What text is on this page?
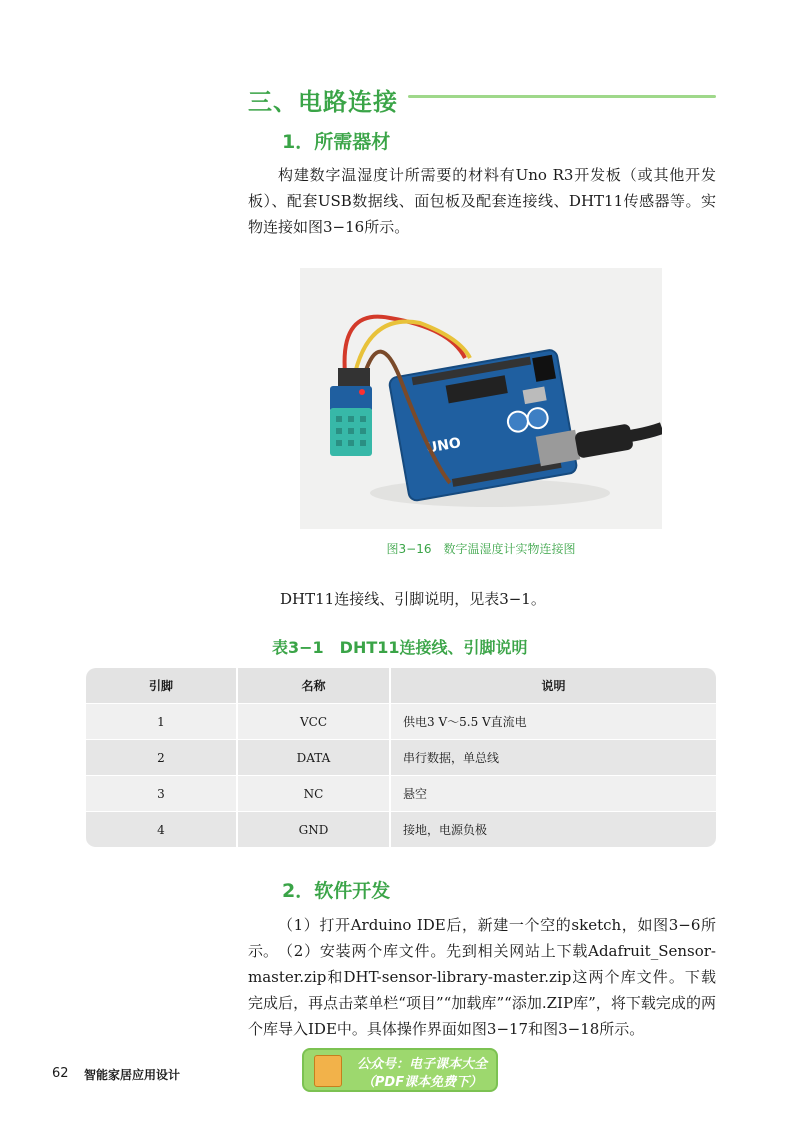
三、电路连接
1．所需器材
构建数字温湿度计所需要的材料有Uno R3开发板（或其他开发板）、配套USB数据线、面包板及配套连接线、DHT11传感器等。实物连接如图3−16所示。
UNO
图3−16　数字温湿度计实物连接图
DHT11连接线、引脚说明，见表3−1。
表3−1　DHT11连接线、引脚说明
引脚	名称	说明
1	VCC	供电3 V～5.5 V直流电
2	DATA	串行数据，单总线
3	NC	悬空
4	GND	接地，电源负极
2．软件开发
（1）打开Arduino IDE后，新建一个空的sketch，如图3−6所示。 （2）安装两个库文件。先到相关网站上下载Adafruit_Sensor-master.zip和DHT-sensor-library-master.zip这两个库文件。下载完成后，再点击菜单栏“项目”“加载库”“添加.ZIP库”，将下载完成的两个库导入IDE中。具体操作界面如图3−17和图3−18所示。
62 智能家居应用设计
公众号：电子课本大全
（PDF课本免费下）
